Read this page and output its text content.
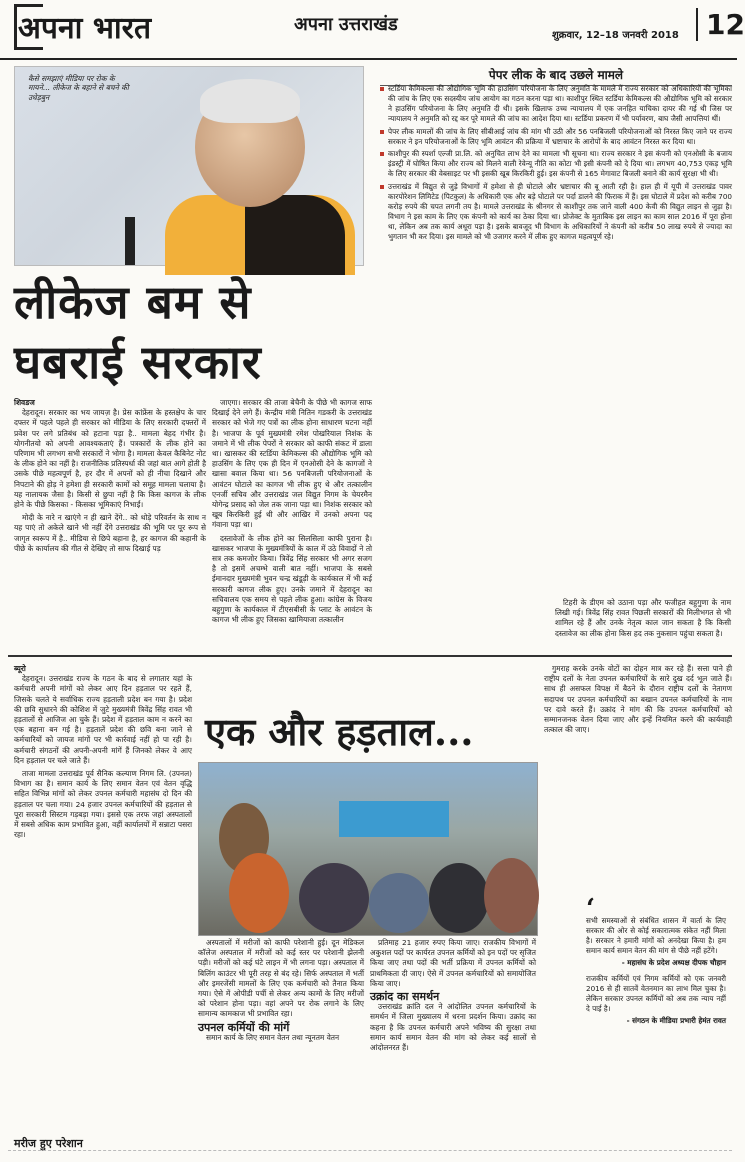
अपना भारत	अपना उत्तराखंड
शुक्रवार, 12–18 जनवरी 2018 12
कैसे समझाएं मीडिया पर रोक के मायने... लीकेज के बहाने से बचने की उधेड़बुन
लीकेज बम से घबराई सरकार
शिवडज

देहरादून। सरकार का भय जायज़ है। प्रेस कांफ्रेंस के हस्तक्षेप के चार दफ्तर में पहले पहले ही सरकार को मीडिया के लिए सरकारी दफ्तरों में प्रवेश पर लगे प्रतिबंध को हटाना पड़ा है.. मामला बेहद गंभीर है। योगनीतयो को अपनी आवश्यकताएं हैं। पत्रकारों के लीक होने का परिणाम भी लगभग सभी सरकारों ने भोगा है। मामला केवल कैबिनेट नोट के लीक होने का नहीं है। राजनीतिक प्रतिस्पर्धा की जहां बात आगे होती है उसके पीछे महत्वपूर्ण है, हर दौर में अपनों को ही नीचा दिखाने और निपटाने की होड़ ने हमेशा ही सरकारी कामों को समूह मामला चलाया है। यह नालायक जैसा है। किसी से छुपा नहीं है कि किस कागज के लीक होने के पीछे किसका - किसका भूमिकाएं निभाईं।

मोदी के नारे न खाएंगे न ही खाने देंगे.. को थोड़े परिवर्तन के साथ न यह पाएं तो अकेले खाने भी नहीं देंगे उत्तराखंड की भूमि पर पूर रूप से जागृत स्वरूप में है.. मीडिया से छिपे बहाना है, हर कागज की कहानी के पीछे के कार्यालय की गीत से देखिए तो साफ दिखाई पड़

जाएगा। सरकार की ताजा बेचैनी के पीछे भी कागज साफ दिखाई देने लगे हैं। केन्द्रीय मंत्री नितिन गडकरी के उत्तराखंड सरकार को भेजे गए पत्रों का लीक होना साधारण घटना नहीं है। भाजपा के पूर्व मुख्यमंत्री रमेश पोखरियाल निशंक के जमाने में भी लीक पेपरों ने सरकार को काफी संकट में डाला था। खासकर की स्टर्डिया केमिकल्स की औद्योगिक भूमि को हाउसिंग के लिए एक ही दिन में एनओसी देने के कागजों ने खासा बवाल किया था। 56 पनबिजली परियोजनाओं के आवंटन घोटाले का कागज भी लीक हुए थे और तत्कालीन एनर्जी सचिव और उत्तराखंड जल विद्युत निगम के चेयरमैन योगेन्द्र प्रसाद को जेल तक जाना पड़ा था। निशंक सरकार को खूब किरकिरी हुई थी और आखिर में उनको अपना पद गंवाना पड़ा था।

दस्तावेजों के लीक होने का सिलसिला काफी पुराना है। खासकर भाजपा के मुख्यमंत्रियों के काल में उठे विवादों ने तो सत्र तक कमजोर किया। त्रिवेंद्र सिंह सरकार भी अगर सजग है तो इसमें अचम्भे वाली बात नहीं। भाजपा के सबसे ईमानदार मुख्यमंत्री भुवन चन्द्र खंडूड़ी के कार्यकाल में भी कई सरकारी कागज लीक हुए। उनके जमाने में देहरादून का सचिवालय एक समय से पहले लीक हुआ। कांग्रेस के विजय बहुगुणा के कार्यकाल में टीएसबीसी के प्लाट के आवंटन के कागज भी लीक हुए जिसका खामियाजा तत्कालीन

टिहरी के डीएम को उठाना पड़ा और फजीहत बहुगुणा के नाम लिखी गई। त्रिवेंद्र सिंह रावत पिछली सरकारों की मिलीभगत से भी शामिल रहे हैं और उनके नेतृत्व काल जान सकता है कि किसी दस्तावेज का लीक होना किस हद तक नुकसान पहुंचा सकता है।

पेपर लीक के बाद उछले मामले

स्टर्डिया केमिकल्स की औद्योगिक भूमि की हाउसिंग परियोजना के लिए अनुमति के मामले में राज्य सरकार को अधिकारियों की भूमिका की जांच के लिए एक सदस्यीय जांच आयोग का गठन करना पड़ा था। काशीपुर स्थित स्टर्डिया केमिकल्स की औद्योगिक भूमि को सरकार ने हाउसिंग परियोजना के लिए अनुमति दी थी। इसके खिलाफ उच्च न्यायालय में एक जनहित याचिका दायर की गई थी जिस पर न्यायालय ने अनुमति को रद्द कर पूरे मामले की जांच का आदेश दिया था। स्टर्डिया प्रकरण में भी पर्यावरण, बाघ जैसी आपत्तियां थीं।

पेपर लीक मामलों की जांच के लिए सीबीआई जांच की मांग भी उठी और 56 पनबिजली परियोजनाओं को निरस्त किए जाने पर राज्य सरकार ने इन परियोजनाओं के लिए भूमि आवंटन की प्रक्रिया में भ्रष्टाचार के आरोपों के बाद आवंटन निरस्त कर दिया था।

काशीपुर की स्पर्शा एल्जी प्रा.लि. को अनुचित लाभ देने का मामला भी सूचना था। राज्य सरकार ने इस कंपनी को एनओसी के बजाय इंडस्ट्री में घोषित किया और राज्य को मिलने वाली रेवेन्यू नीति का कोटा भी इसी कंपनी को दे दिया था। लगभग 40,753 एकड़ भूमि के लिए सरकार की वेबसाइट पर भी इसकी खूब किरकिरी हुई। इस कंपनी से 165 मेगावाट बिजली बनाने की कार्य सुरक्षा भी थी।

उत्तराखंड में विद्युत से जुड़े विभागों में हमेशा से ही घोटाले और भ्रष्टाचार की बू आती रही है। हाल ही में यूपी में उत्तराखंड पावर कारपोरेशन लिमिटेड (पिटकुल) के अधिकारी एक और बड़े घोटाले पर पर्दा डालने की फिराक में हैं। इस घोटाले में प्रदेश को करीब 700 करोड़ रुपये की चपत लगनी तय है। मामले उत्तराखंड के श्रीनगर से काशीपुर तक जाने वाली 400 केवी की विद्युत लाइन से जुड़ा है। विभाग ने इस काम के लिए एक कंपनी को कार्य का ठेका दिया था। प्रोजेक्ट के मुताबिक इस लाइन का काम साल 2016 में पूरा होना था, लेकिन अब तक कार्य अधूरा पड़ा है। इसके बावजूद भी विभाग के अधिकारियों ने कंपनी को करीब 50 लाख रुपये से ज्यादा का भुगतान भी कर दिया। इस मामले को भी उजागर करने में लीक हुए कागज महत्वपूर्ण रहे।

ब्यूरो

देहरादून। उत्तराखंड राज्य के गठन के बाद से लगातार यहां के कर्मचारी अपनी मांगों को लेकर आए दिन हड़ताल पर रहते हैं, जिसके चलते ये सर्वाधिक राज्य हड़ताली प्रदेश बन गया है। प्रदेश की छवि सुधारने की कोशिश में जुटे मुख्यमंत्री त्रिवेंद्र सिंह रावत भी हड़तालों से आजिज आ चुके हैं। प्रदेश में हड़ताल काम न करने का एक बहाना बन गई है। हड़तालें प्रदेश की छवि बना जाने से कर्मचारियों को जायज मांगों पर भी कार्रवाई नहीं हो पा रही है। कर्मचारी संगठनों की अपनी-अपनी मांगें हैं जिनको लेकर वे आए दिन हड़ताल पर चले जाते हैं।

ताजा मामला उत्तराखंड पूर्व सैनिक कल्याण निगम लि. (उपनल) विभाग का है। समान कार्य के लिए समान वेतन एवं वेतन वृद्धि सहित विभिन्न मांगों को लेकर उपनल कर्मचारी महासंघ दो दिन की हड़ताल पर चला गया। 24 हजार उपनल कर्मचारियों की हड़ताल से पूरा सरकारी सिस्टम गड़बड़ा गया। इससे एक तरफ जहां अस्पतालों में सबसे अधिक काम प्रभावित हुआ, वहीं कार्यालयों में सन्नाटा पसरा रहा।

मरीज हुए परेशान
एक और हड़ताल...

अस्पतालों में मरीजों को काफी परेशानी हुई। दून मेडिकल कॉलेज अस्पताल में मरीजों को कई स्तर पर परेशानी झेलनी पड़ी। मरीजों को कई घंटे लाइन में भी लगना पड़ा। अस्पताल में बिलिंग काउंटर भी पूरी तरह से बंद रहे। सिर्फ अस्पताल में भर्ती और इमरजेंसी मामलों के लिए एक कर्मचारी को तैनात किया गया। ऐसे में ओपीडी पर्ची से लेकर अन्य कामों के लिए मरीजों को परेशान होना पड़ा। वहां अपने पर रोक लगाने के लिए सामान्य कामकाज भी प्रभावित रहा।

उपनल कर्मियों की मांगें

समान कार्य के लिए समान वेतन तथा न्यूनतम वेतन

प्रतिमाह 21 हजार रुपए किया जाए। राजकीय विभागों में अकुशल पदों पर कार्यरत उपनल कर्मियों को इन पदों पर सृजित किया जाए तथा पदों की भर्ती प्रक्रिया में उपनल कर्मियों को प्राथमिकता दी जाए। ऐसे में उपनल कर्मचारियों को समायोजित किया जाए।

उक्रांद का समर्थन

उत्तराखंड क्रांति दल ने आंदोलित उपनल कर्मचारियों के समर्थन में जिला मुख्यालय में धरना प्रदर्शन किया। उक्रांद का कहना है कि उपनल कर्मचारी अपने भविष्य की सुरक्षा तथा समान कार्य समान वेतन की मांग को लेकर कई सालों से आंदोलनरत हैं।

गुमराह करके उनके वोटों का दोहन मात्र कर रहे हैं। सत्ता पाने ही राष्ट्रीय दलों के नेता उपनल कर्मचारियों के सारे दुख दर्द भूल जाते हैं। साथ ही असफल विपक्ष में बैठने के दौरान राष्ट्रीय दलों के नेतागण सदापथ पर उपनल कर्मचारियों का बखान उपनल कर्मचारियों के नाम पर दावे करते हैं। उक्रांद ने मांग की कि उपनल कर्मचारियों को सम्मानजनक वेतन दिया जाए और इन्हें नियमित करने की कार्यवाही तत्काल की जाए।

‘
सभी समस्याओं से संबंधित शासन में वार्ता के लिए सरकार की ओर से कोई सकारात्मक संकेत नहीं मिला है। सरकार ने हमारी मांगों को अनदेखा किया है। हम समान कार्य समान वेतन की मांग से पीछे नहीं हटेंगे।
- महासंघ के प्रदेश अध्यक्ष दीपक चौहान
राजकीय कर्मियों एवं निगम कर्मियों को एक जनवरी 2016 से ही सातवें वेतनमान का लाभ मिल चुका है। लेकिन सरकार उपनल कर्मियों को अब तक न्याय नहीं दे पाई है।
- संगठन के मीडिया प्रभारी हेमंत रावत
